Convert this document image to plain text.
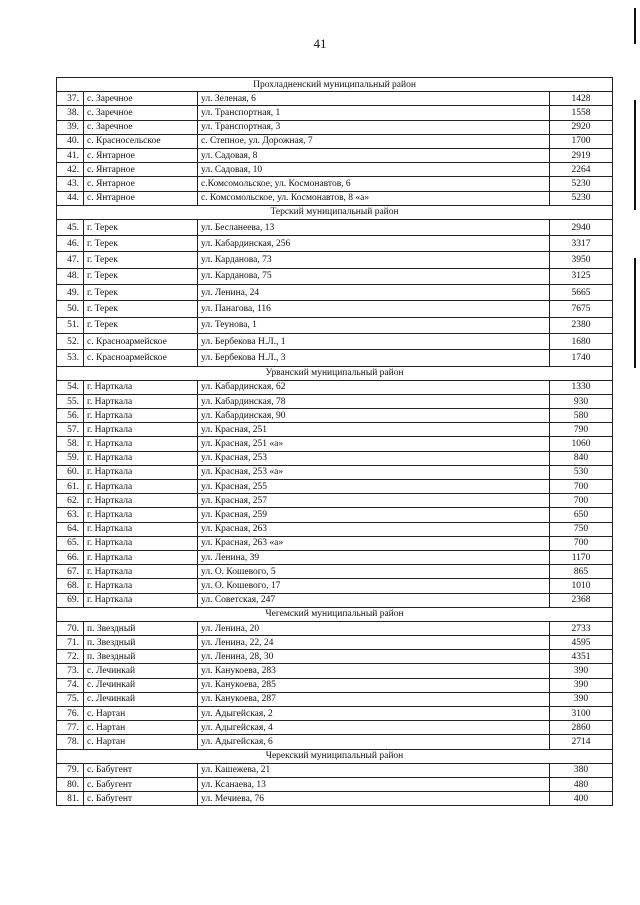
41
Прохладненский муниципальный район			
37.	с. Заречное	ул. Зеленая, 6	1428
38.	с. Заречное	ул. Транспортная, 1	1558
39.	с. Заречное	ул. Транспортная, 3	2920
40.	с. Красносельское	с. Степное, ул. Дорожная, 7	1700
41.	с. Янтарное	ул. Садовая, 8	2919
42.	с. Янтарное	ул. Садовая, 10	2264
43.	с. Янтарное	с.Комсомольское, ул. Космонавтов, 6	5230
44.	с. Янтарное	с. Комсомольское, ул. Космонавтов, 8 «а»	5230
Терский муниципальный район			
45.	г. Терек	ул. Бесланеева, 13	2940
46.	г. Терек	ул. Кабардинская, 256	3317
47.	г. Терек	ул. Карданова, 73	3950
48.	г. Терек	ул. Карданова, 75	3125
49.	г. Терек	ул. Ленина, 24	5665
50.	г. Терек	ул. Панагова, 116	7675
51.	г. Терек	ул. Теунова, 1	2380
52.	с. Красноармейское	ул. Бербекова Н.Л., 1	1680
53.	с. Красноармейское	ул. Бербекова Н.Л., 3	1740
Урванский муниципальный район			
54.	г. Нарткала	ул. Кабардинская, 62	1330
55.	г. Нарткала	ул. Кабардинская, 78	930
56.	г. Нарткала	ул. Кабардинская, 90	580
57.	г. Нарткала	ул. Красная, 251	790
58.	г. Нарткала	ул. Красная, 251 «а»	1060
59.	г. Нарткала	ул. Красная, 253	840
60.	г. Нарткала	ул. Красная, 253 «а»	530
61.	г. Нарткала	ул. Красная, 255	700
62.	г. Нарткала	ул. Красная, 257	700
63.	г. Нарткала	ул. Красная, 259	650
64.	г. Нарткала	ул. Красная, 263	750
65.	г. Нарткала	ул. Красная, 263 «а»	700
66.	г. Нарткала	ул. Ленина, 39	1170
67.	г. Нарткала	ул. О. Кошевого, 5	865
68.	г. Нарткала	ул. О. Кошевого, 17	1010
69.	г. Нарткала	ул. Советская, 247	2368
Чегемский муниципальный район			
70.	п. Звездный	ул. Ленина, 20	2733
71.	п. Звездный	ул. Ленина, 22, 24	4595
72.	п. Звездный	ул. Ленина, 28, 30	4351
73.	с. Лечинкай	ул. Канукоева, 283	390
74.	с. Лечинкай	ул. Канукоева, 285	390
75.	с. Лечинкай	ул. Канукоева, 287	390
76.	с. Нартан	ул. Адыгейская, 2	3100
77.	с. Нартан	ул. Адыгейская, 4	2860
78.	с. Нартан	ул. Адыгейская, 6	2714
Черекский муниципальный район			
79.	с. Бабугент	ул. Кашежева, 21	380
80.	с. Бабугент	ул. Ксанаева, 13	480
81.	с. Бабугент	ул. Мечиева, 76	400
